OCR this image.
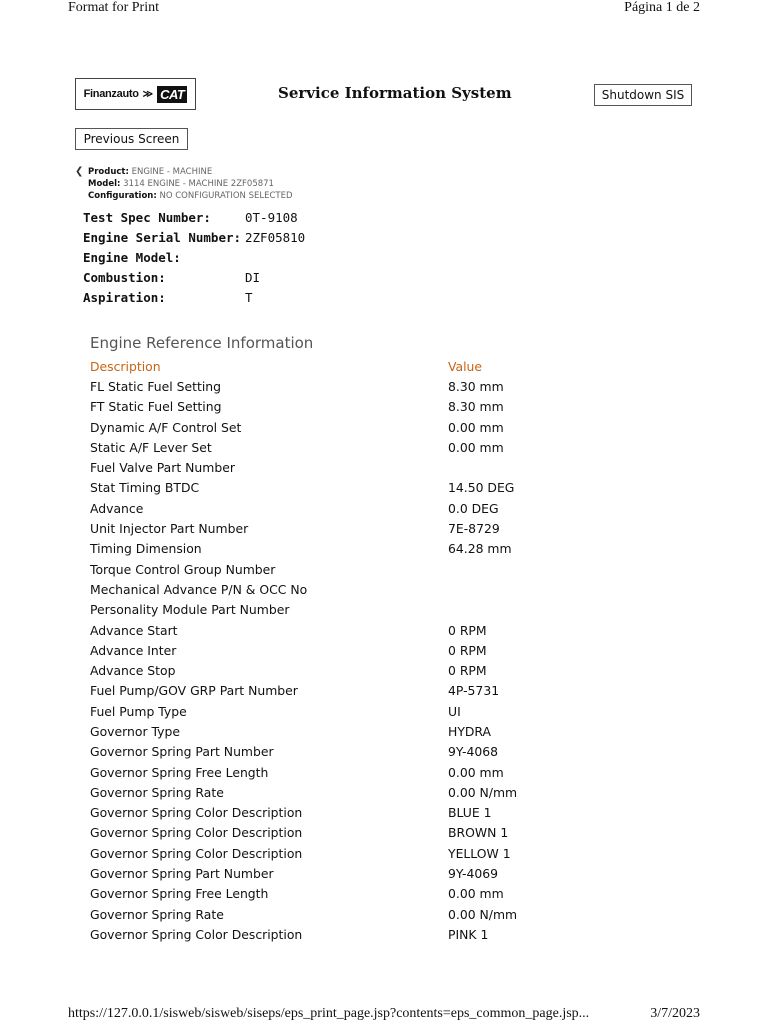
Format for Print	Página 1 de 2
Finanzauto ≫ CAT	Service Information System	Shutdown SIS
Previous Screen
❮ Product: ENGINE - MACHINE
Model: 3114 ENGINE - MACHINE 2ZF05871
Configuration: NO CONFIGURATION SELECTED
Test Spec Number:	0T-9108
Engine Serial Number: 2ZF05810
Engine Model:
Combustion:	DI
Aspiration:	T
Engine Reference Information
Description	Value
FL Static Fuel Setting	8.30 mm
FT Static Fuel Setting	8.30 mm
Dynamic A/F Control Set	0.00 mm
Static A/F Lever Set	0.00 mm
Fuel Valve Part Number
Stat Timing BTDC	14.50 DEG
Advance	0.0 DEG
Unit Injector Part Number	7E-8729
Timing Dimension	64.28 mm
Torque Control Group Number
Mechanical Advance P/N & OCC No
Personality Module Part Number
Advance Start	0 RPM
Advance Inter	0 RPM
Advance Stop	0 RPM
Fuel Pump/GOV GRP Part Number	4P-5731
Fuel Pump Type	UI
Governor Type	HYDRA
Governor Spring Part Number	9Y-4068
Governor Spring Free Length	0.00 mm
Governor Spring Rate	0.00 N/mm
Governor Spring Color Description	BLUE 1
Governor Spring Color Description	BROWN 1
Governor Spring Color Description	YELLOW 1
Governor Spring Part Number	9Y-4069
Governor Spring Free Length	0.00 mm
Governor Spring Rate	0.00 N/mm
Governor Spring Color Description	PINK 1
https://127.0.0.1/sisweb/sisweb/siseps/eps_print_page.jsp?contents=eps_common_page.jsp...	3/7/2023
